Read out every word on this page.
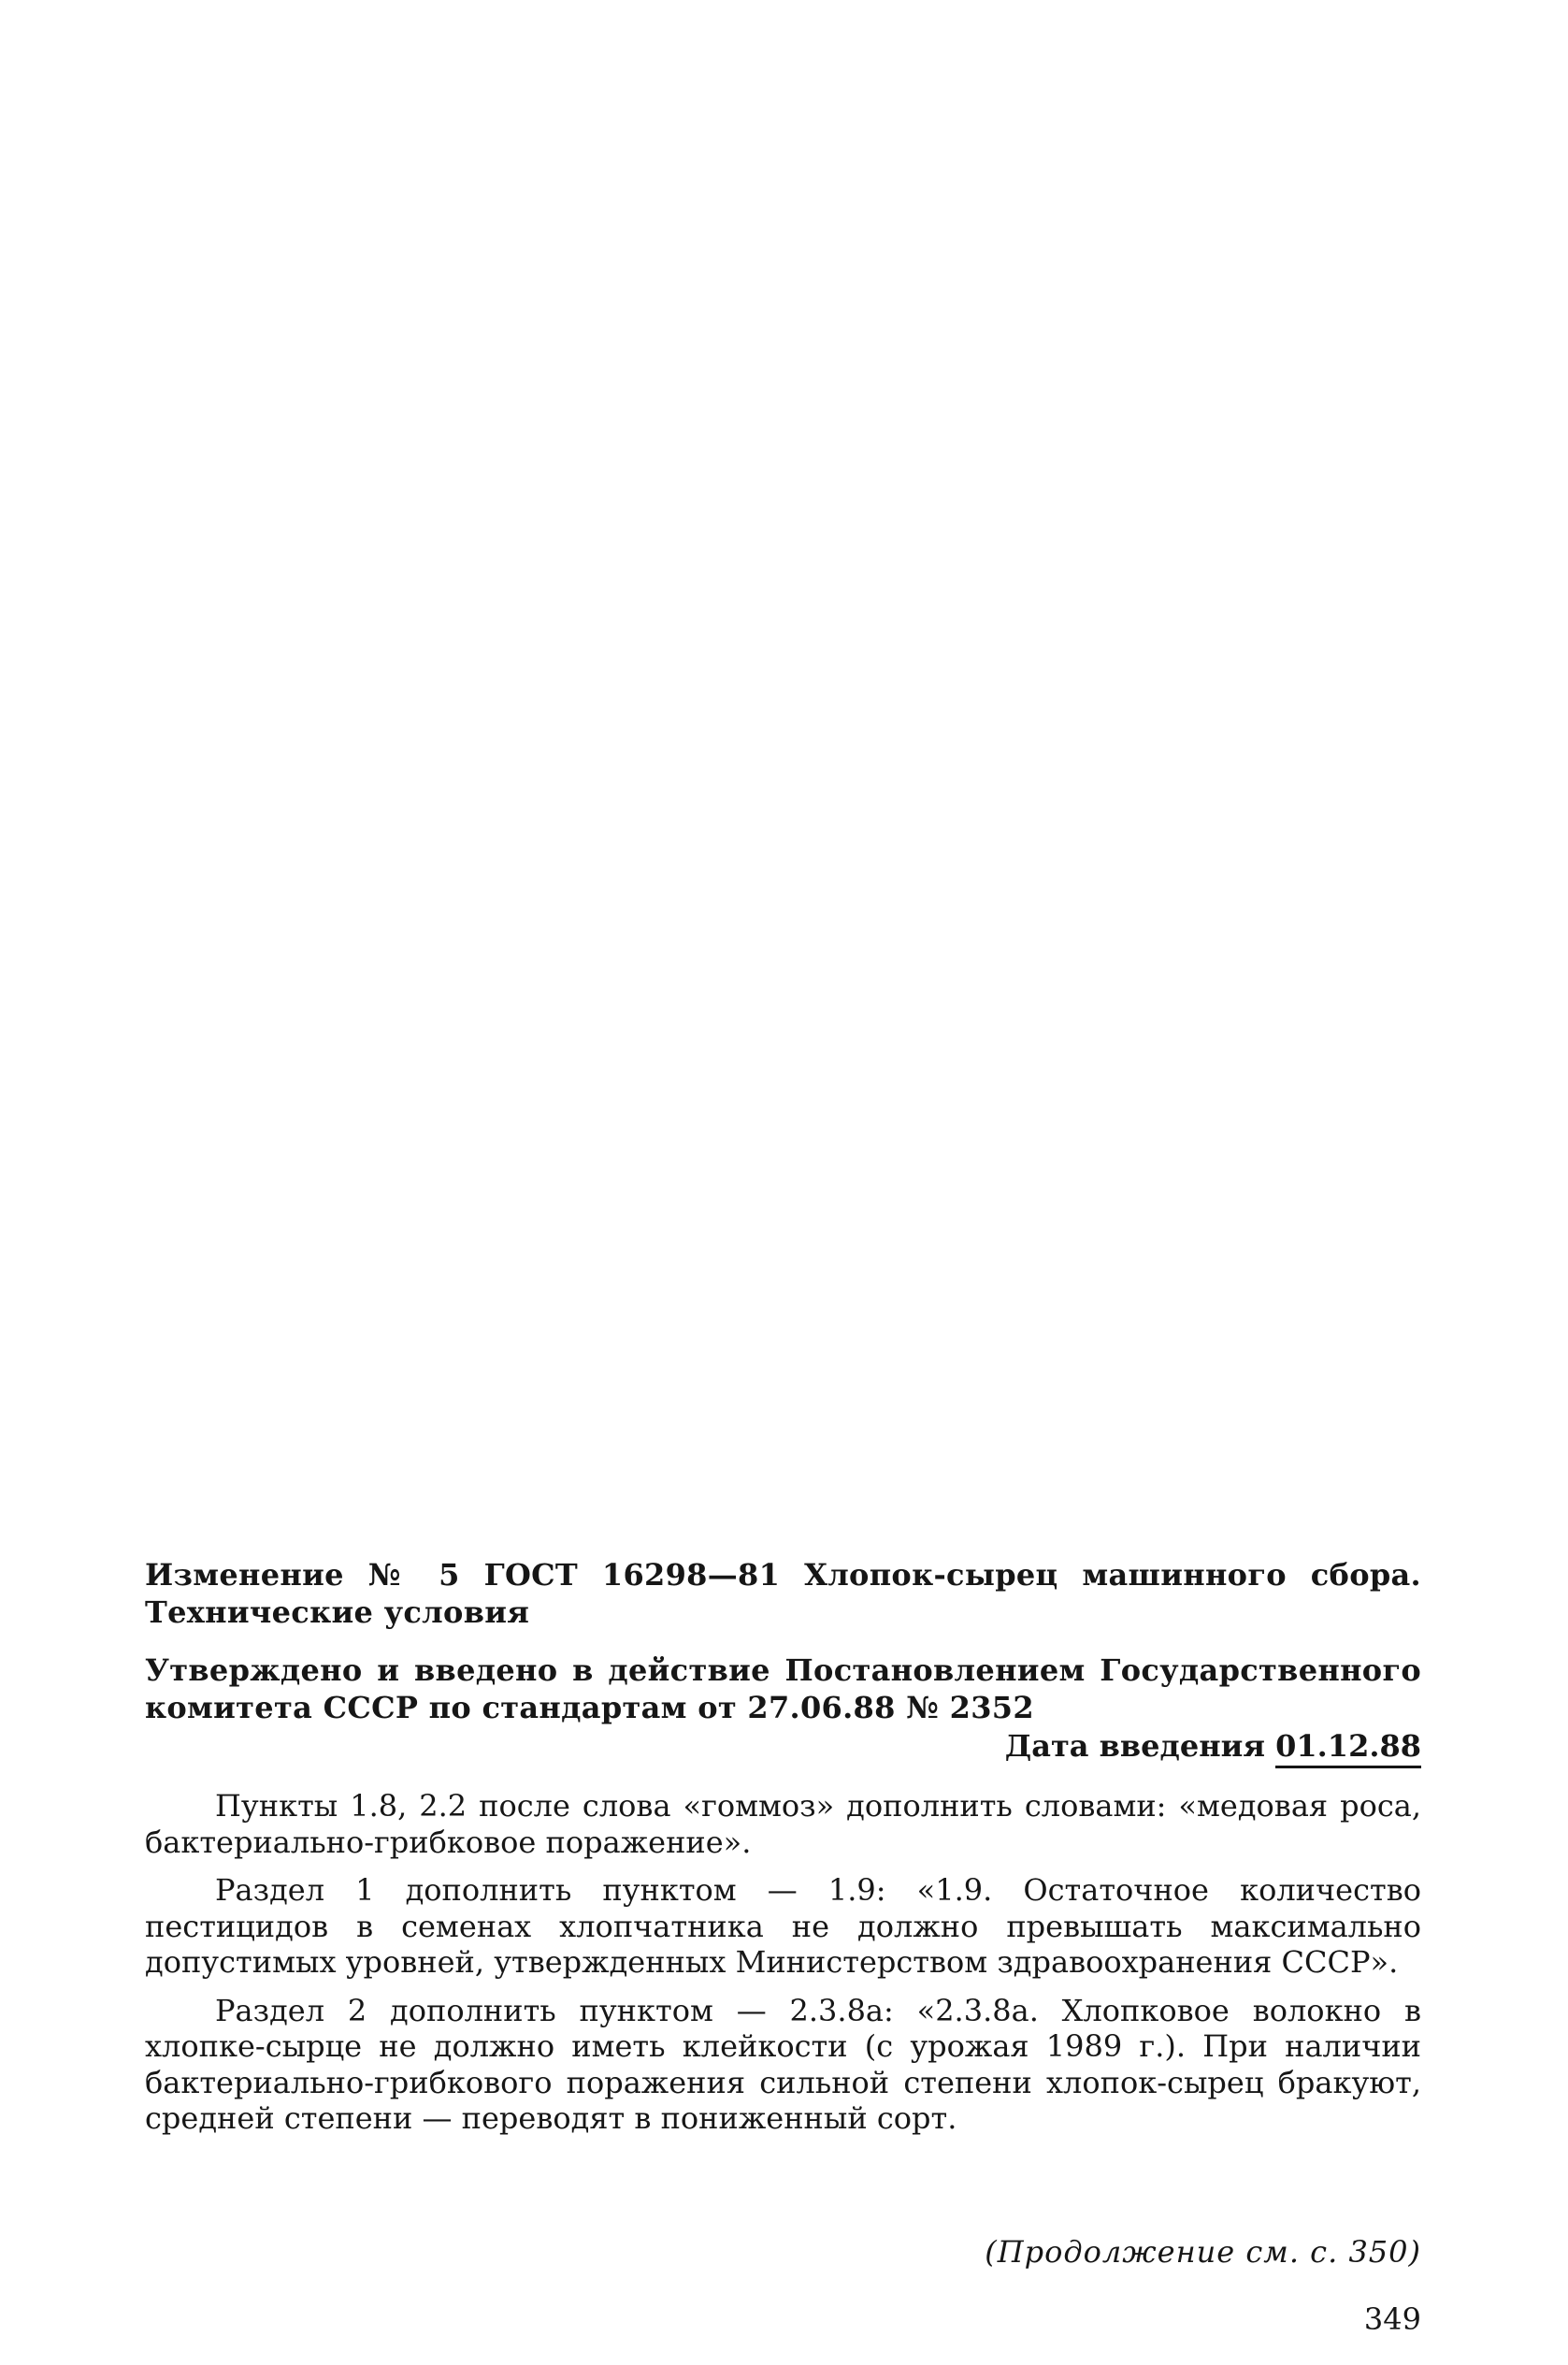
Изменение № 5 ГОСТ 16298—81 Хлопок-сырец машинного сбора. Технические условия
Утверждено и введено в действие Постановлением Государственного комитета СССР по стандартам от 27.06.88 № 2352
Дата введения 01.12.88

Пункты 1.8, 2.2 после слова «гоммоз» дополнить словами: «медовая роса, бактериально-грибковое поражение».

Раздел 1 дополнить пунктом — 1.9: «1.9. Остаточное количество пестицидов в семенах хлопчатника не должно превышать максимально допустимых уровней, утвержденных Министерством здравоохранения СССР».

Раздел 2 дополнить пунктом — 2.3.8а: «2.3.8а. Хлопковое волокно в хлопке-сырце не должно иметь клейкости (с урожая 1989 г.). При наличии бактериально-грибкового поражения сильной степени хлопок-сырец бракуют, средней степени — переводят в пониженный сорт.

(Продолжение см. с. 350)
349
